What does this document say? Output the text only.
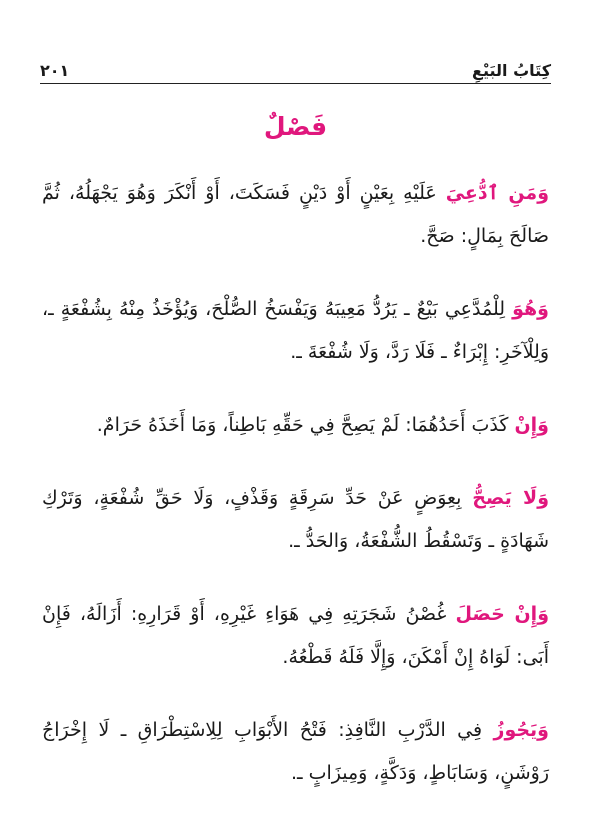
كِتَابُ البَيْعِ
٢٠١
فَصْلٌ

وَمَنِ ٱدُّعِيَ عَلَيْهِ بِعَيْنٍ أَوْ دَيْنٍ فَسَكَتَ، أَوْ أَنْكَرَ وَهُوَ يَجْهَلُهُ، ثُمَّ صَالَحَ بِمَالٍ: صَحَّ.

وَهُوَ لِلْمُدَّعِي بَيْعٌ ـ يَرُدُّ مَعِيبَهُ وَيَفْسَخُ الصُّلْحَ، وَيُؤْخَذُ مِنْهُ بِشُفْعَةٍ ـ، وَلِلْآخَرِ: إِبْرَاءٌ ـ فَلَا رَدَّ، وَلَا شُفْعَةَ ـ.

وَإِنْ كَذَبَ أَحَدُهُمَا: لَمْ يَصِحَّ فِي حَقِّهِ بَاطِناً، وَمَا أَخَذَهُ حَرَامٌ.

وَلَا يَصِحُّ بِعِوَضٍ عَنْ حَدِّ سَرِقَةٍ وَقَذْفٍ، وَلَا حَقِّ شُفْعَةٍ، وَتَرْكِ شَهَادَةٍ ـ وَتَسْقُطُ الشُّفْعَةُ، وَالحَدُّ ـ.

وَإِنْ حَصَلَ غُصْنُ شَجَرَتِهِ فِي هَوَاءِ غَيْرِهِ، أَوْ قَرَارِهِ: أَزَالَهُ، فَإِنْ أَبَى: لَوَاهُ إِنْ أَمْكَنَ، وَإِلَّا فَلَهُ قَطْعُهُ.

وَيَجُوزُ فِي الدَّرْبِ النَّافِذِ: فَتْحُ الأَبْوَابِ لِلِاسْتِطْرَاقِ ـ لَا إِخْرَاجُ رَوْشَنٍ، وَسَابَاطٍ، وَدَكَّةٍ، وَمِيزَابٍ ـ.
